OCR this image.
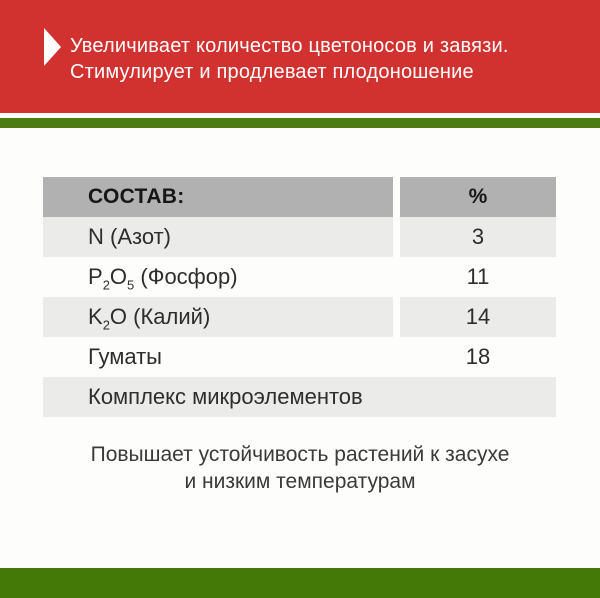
Увеличивает количество цветоносов и завязи.
Стимулирует и продлевает плодоношение
СОСТАВ:	%
N (Азот)	3
$P_2O_5$ (Фосфор)	11
$K_2O$ (Калий)	14
Гуматы	18
Комплекс микроэлементов
Повышает устойчивость растений к засухе
и низким температурам
